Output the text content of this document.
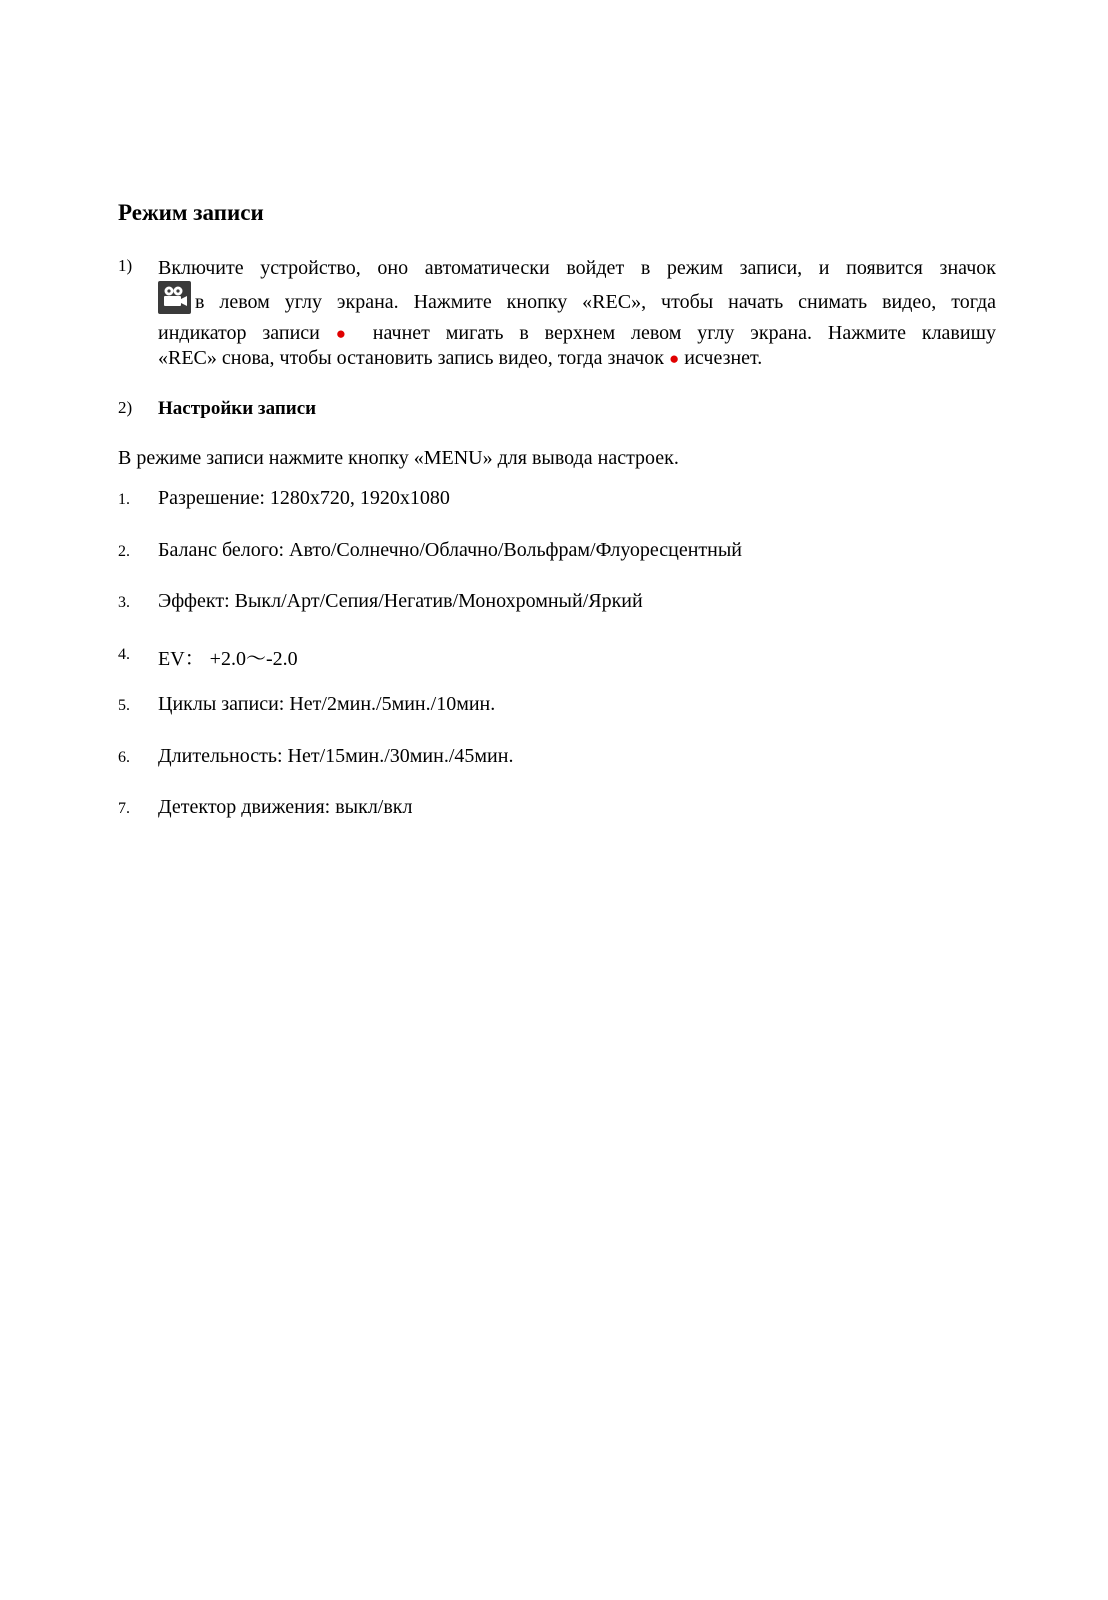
Режим записи
1) Включите устройство, оно автоматически войдет в режим записи, и появится значок
в левом углу экрана. Нажмите кнопку «REC», чтобы начать снимать видео, тогда
индикатор записи ● начнет мигать в верхнем левом углу экрана. Нажмите клавишу
«REC» снова, чтобы остановить запись видео, тогда значок ● исчезнет.
2) Настройки записи
В режиме записи нажмите кнопку «MENU» для вывода настроек.
1. Разрешение: 1280x720, 1920x1080
2. Баланс белого: Авто/Солнечно/Облачно/Вольфрам/Флуоресцентный
3. Эффект: Выкл/Арт/Сепия/Негатив/Монохромный/Яркий
4. EV： +2.0～-2.0
5. Циклы записи: Нет/2мин./5мин./10мин.
6. Длительность: Нет/15мин./30мин./45мин.
7. Детектор движения: выкл/вкл
